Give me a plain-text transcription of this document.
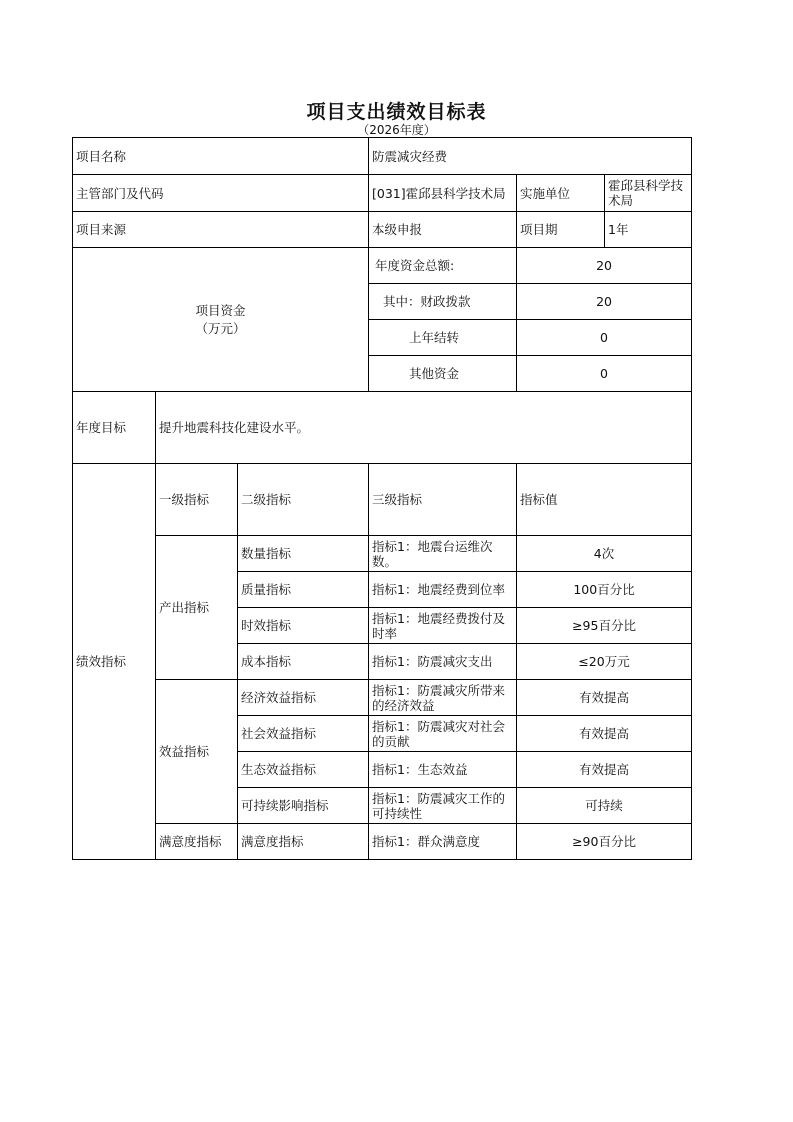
项目支出绩效目标表
（2026年度）
项目名称			防震减灾经费		
主管部门及代码			[031]霍邱县科学技术局	实施单位	霍邱县科学技术局
项目来源			本级申报	项目期	1年
项目资金
（万元）			年度资金总额:	20	
			其中：财政拨款	20	
			上年结转	0	
			其他资金	0	
年度目标	提升地震科技化建设水平。				
绩效指标	一级指标	二级指标	三级指标	指标值	
	产出指标	数量指标	指标1：地震台运维次数。	4次	
		质量指标	指标1：地震经费到位率	100百分比	
		时效指标	指标1：地震经费拨付及时率	≥95百分比	
		成本指标	指标1：防震减灾支出	≤20万元	
	效益指标	经济效益指标	指标1：防震减灾所带来的经济效益	有效提高	
		社会效益指标	指标1：防震减灾对社会的贡献	有效提高	
		生态效益指标	指标1：生态效益	有效提高	
		可持续影响指标	指标1：防震减灾工作的可持续性	可持续	
	满意度指标	满意度指标	指标1：群众满意度	≥90百分比	
